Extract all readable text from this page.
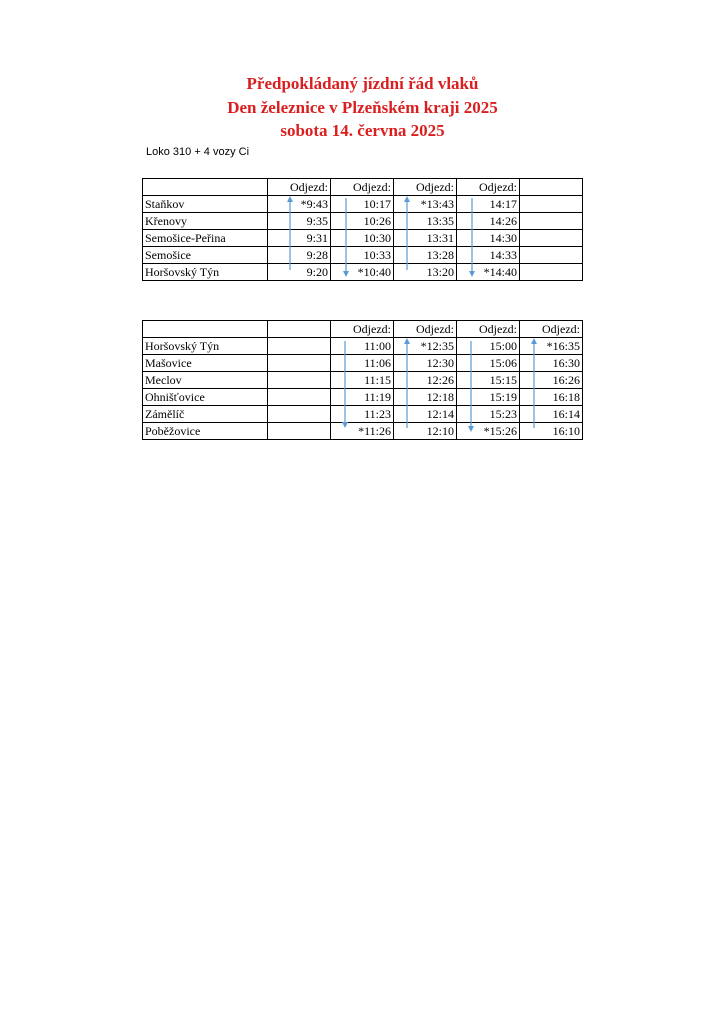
Předpokládaný jízdní řád vlaků
Den železnice v Plzeňském kraji 2025
sobota 14. června 2025
Loko 310 + 4 vozy Ci
	Odjezd:	Odjezd:	Odjezd:	Odjezd:	
Staňkov	*9:43	10:17	*13:43	14:17	
Křenovy	9:35	10:26	13:35	14:26	
Semošice-Peřina	9:31	10:30	13:31	14:30	
Semošice	9:28	10:33	13:28	14:33	
Horšovský Týn	9:20	*10:40	13:20	*14:40	
		Odjezd:	Odjezd:	Odjezd:	Odjezd:
Horšovský Týn		11:00	*12:35	15:00	*16:35
Mašovice		11:06	12:30	15:06	16:30
Meclov		11:15	12:26	15:15	16:26
Ohnišťovice		11:19	12:18	15:19	16:18
Zámělíč		11:23	12:14	15:23	16:14
Poběžovice		*11:26	12:10	*15:26	16:10
